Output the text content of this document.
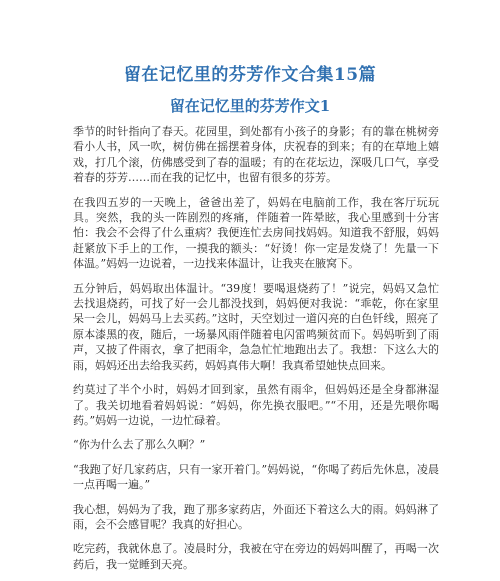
留在记忆里的芬芳作文合集15篇
留在记忆里的芬芳作文1

季节的时针指向了春天。花园里，到处都有小孩子的身影；有的靠在桃树旁看小人书，风一吹，树仿佛在摇摆着身体，庆祝春的到来；有的在草地上嬉戏，打几个滚，仿佛感受到了春的温暖；有的在花坛边，深吸几口气，享受着春的芬芳……而在我的记忆中，也留有很多的芬芳。

在我四五岁的一天晚上，爸爸出差了，妈妈在电脑前工作，我在客厅玩玩具。突然，我的头一阵剧烈的疼痛，伴随着一阵晕眩，我心里感到十分害怕：我会不会得了什么重病？我便连忙去房间找妈妈。知道我不舒服，妈妈赶紧放下手上的工作，一摸我的额头：“好烫！你一定是发烧了！先量一下体温。”妈妈一边说着，一边找来体温计，让我夹在腋窝下。

五分钟后，妈妈取出体温计。“39度！要喝退烧药了！”说完，妈妈又急忙去找退烧药，可找了好一会儿都没找到，妈妈便对我说：“乖乾，你在家里呆一会儿，妈妈马上去买药。”这时，天空划过一道闪亮的白色钎线，照亮了原本漆黑的夜，随后，一场暴风雨伴随着电闪雷鸣频贫而下。妈妈听到了雨声，又披了件雨衣，拿了把雨伞，急急忙忙地跑出去了。我想：下这么大的雨，妈妈还出去给我买药，妈妈真伟大啊！我真希望她快点回来。

约莫过了半个小时，妈妈才回到家，虽然有雨伞，但妈妈还是全身都淋湿了。我关切地看着妈妈说：“妈妈，你先换衣服吧。”“不用，还是先喂你喝药。”妈妈一边说，一边忙碌着。

“你为什么去了那么久啊？”

“我跑了好几家药店，只有一家开着门。”妈妈说，“你喝了药后先休息，凌晨一点再喝一遍。”

我心想，妈妈为了我，跑了那多家药店，外面还下着这么大的雨。妈妈淋了雨，会不会感冒呢？我真的好担心。

吃完药，我就休息了。凌晨时分，我被在守在旁边的妈妈叫醒了，再喝一次药后，我一觉睡到天亮。
